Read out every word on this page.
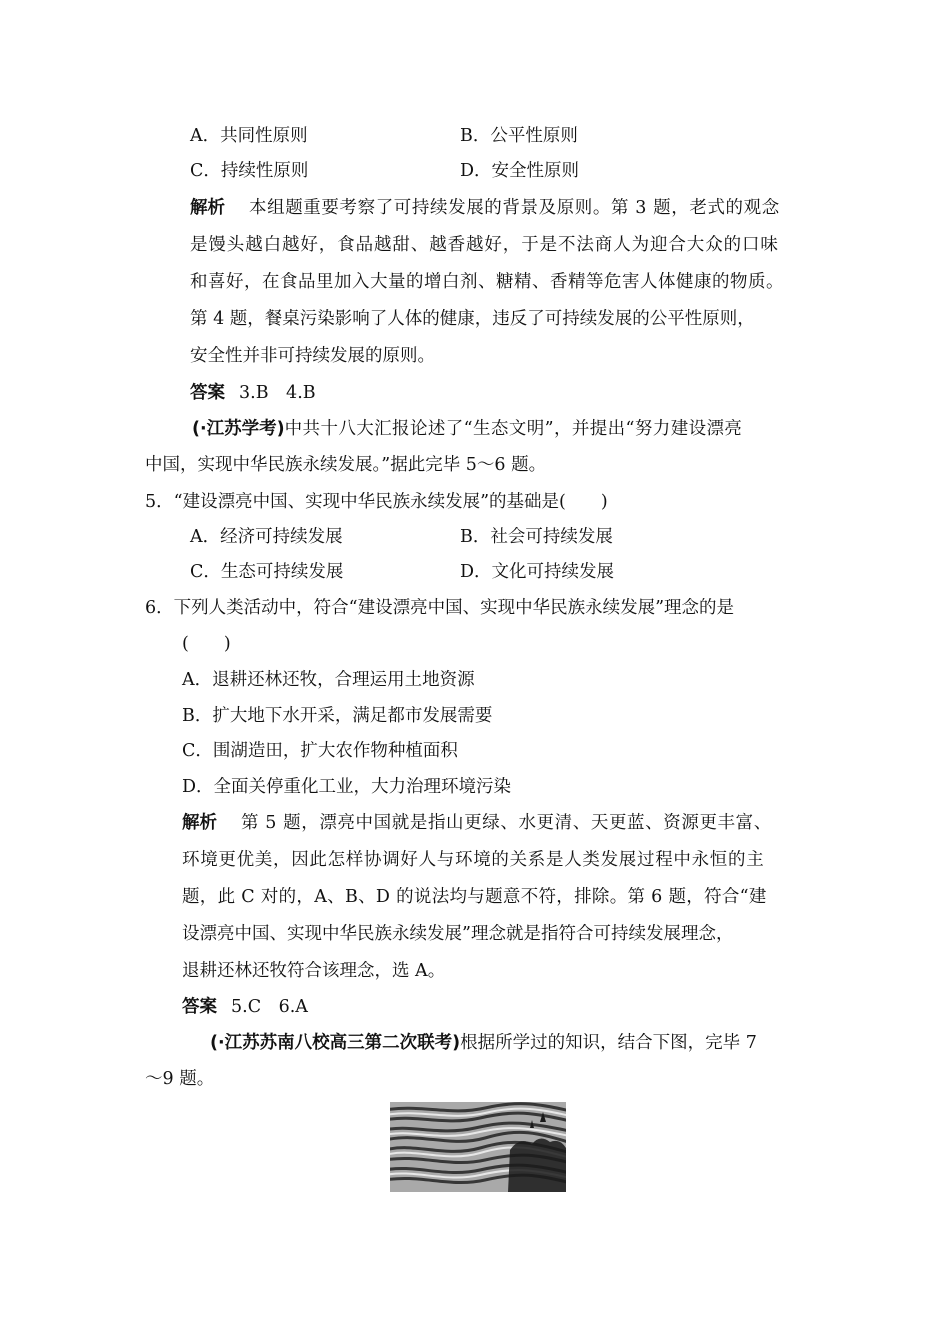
A．共同性原则	B．公平性原则
C．持续性原则	D．安全性原则
解析 本组题重要考察了可持续发展的背景及原则。第 3 题，老式的观念
是馒头越白越好，食品越甜、越香越好，于是不法商人为迎合大众的口味
和喜好，在食品里加入大量的增白剂、糖精、香精等危害人体健康的物质。
第 4 题，餐桌污染影响了人体的健康，违反了可持续发展的公平性原则，
安全性并非可持续发展的原则。
答案 3.B　4.B
(·江苏学考)中共十八大汇报论述了“生态文明”，并提出“努力建设漂亮
中国，实现中华民族永续发展。”据此完毕 5～6 题。
5．“建设漂亮中国、实现中华民族永续发展”的基础是(　　)
A．经济可持续发展	B．社会可持续发展
C．生态可持续发展	D．文化可持续发展
6．下列人类活动中，符合“建设漂亮中国、实现中华民族永续发展”理念的是
(　　)
A．退耕还林还牧，合理运用土地资源
B．扩大地下水开采，满足都市发展需要
C．围湖造田，扩大农作物种植面积
D．全面关停重化工业，大力治理环境污染
解析 第 5 题，漂亮中国就是指山更绿、水更清、天更蓝、资源更丰富、
环境更优美，因此怎样协调好人与环境的关系是人类发展过程中永恒的主
题，此 C 对的，A、B、D 的说法均与题意不符，排除。第 6 题，符合“建
设漂亮中国、实现中华民族永续发展”理念就是指符合可持续发展理念，
退耕还林还牧符合该理念，选 A。
答案 5.C　6.A
(·江苏苏南八校高三第二次联考)根据所学过的知识，结合下图，完毕 7
～9 题。
